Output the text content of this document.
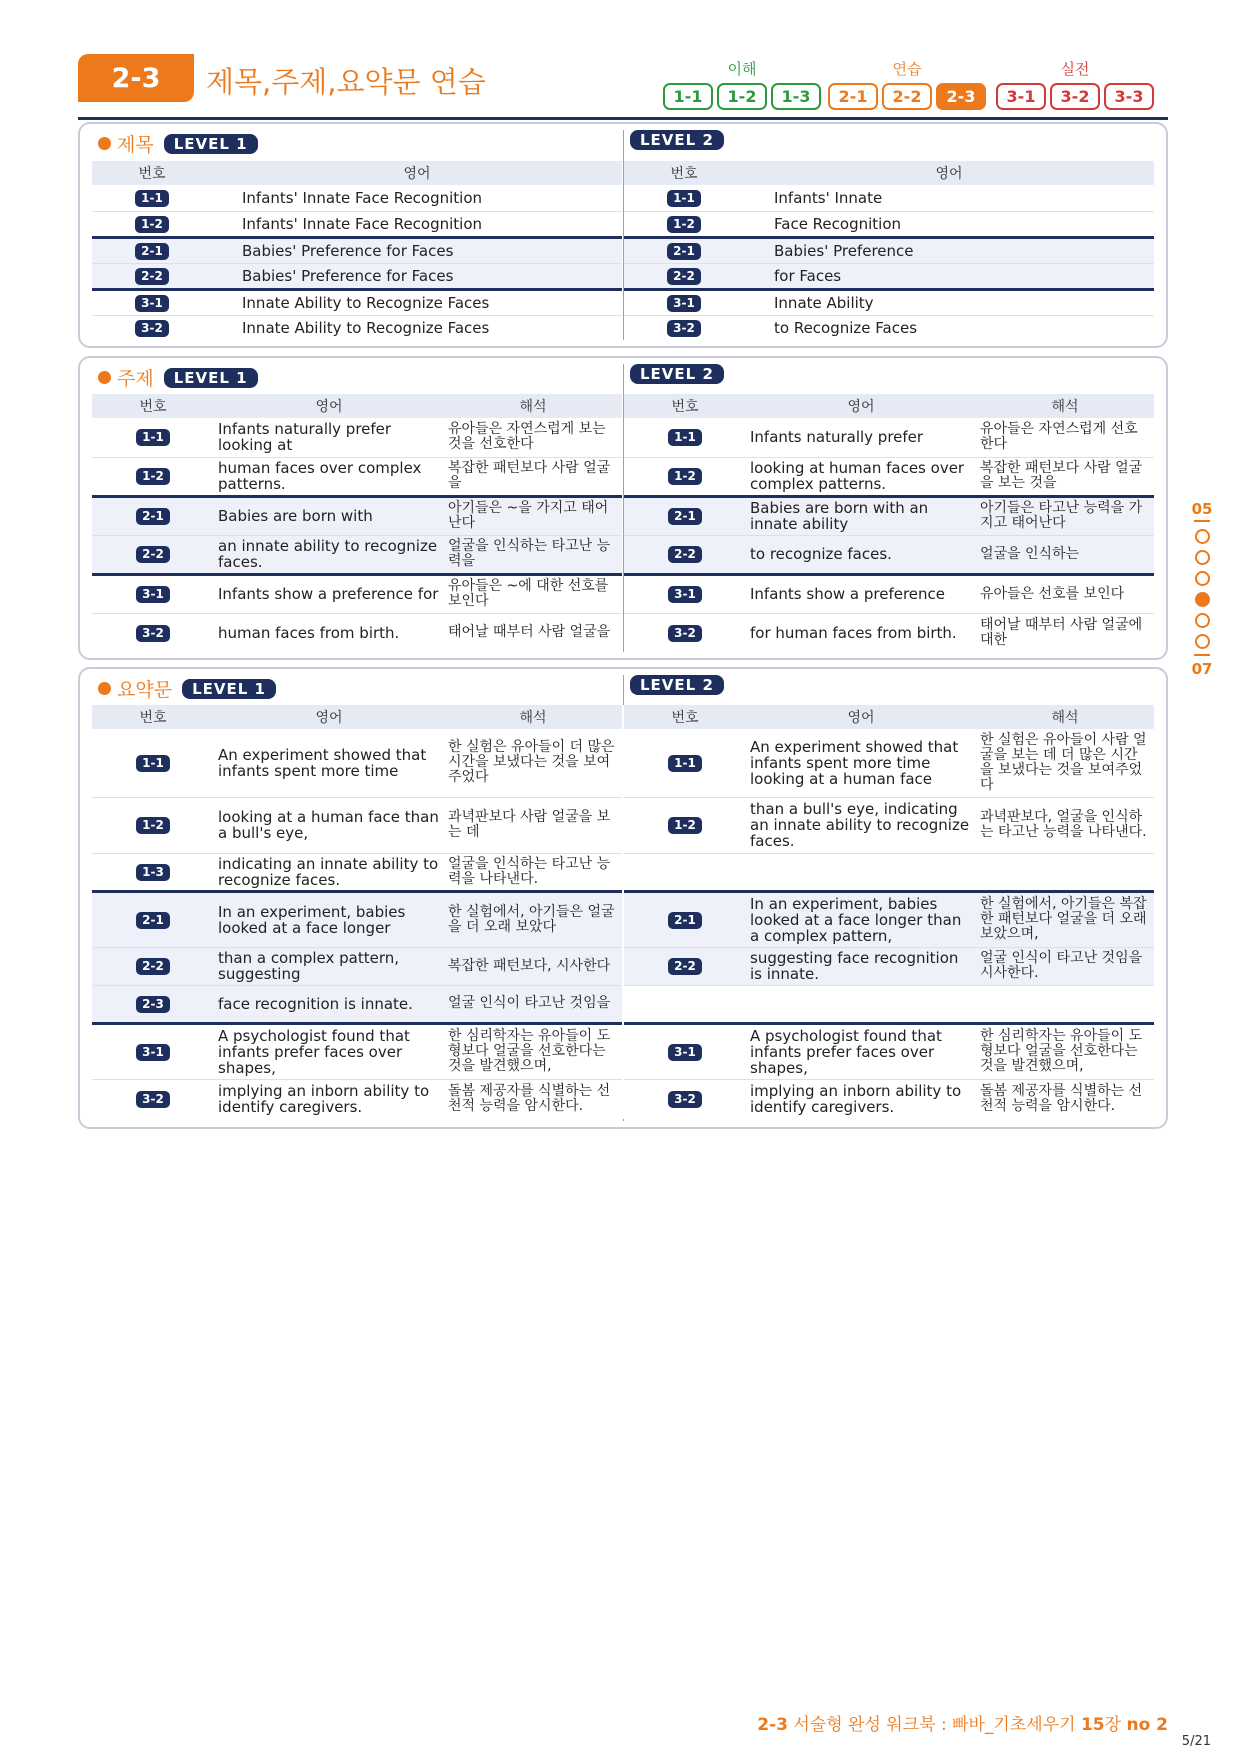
2-3	제목,주제,요약문 연습	이해
1-1	1-2	1-3
연습
2-1	2-2	2-3
실전
3-1	3-2	3-3
제목	LEVEL 1	LEVEL 2
번호	영어
1-1	Infants' Innate Face Recognition
1-2	Infants' Innate Face Recognition
2-1	Babies' Preference for Faces
2-2	Babies' Preference for Faces
3-1	Innate Ability to Recognize Faces
3-2	Innate Ability to Recognize Faces
번호	영어
1-1	Infants' Innate
1-2	Face Recognition
2-1	Babies' Preference
2-2	for Faces
3-1	Innate Ability
3-2	to Recognize Faces
주제	LEVEL 1	LEVEL 2
번호	영어	해석
1-1	Infants naturally prefer looking at	유아들은 자연스럽게 보는 것을 선호한다
1-2	human faces over complex patterns.	복잡한 패턴보다 사람 얼굴을
2-1	Babies are born with	아기들은 ~을 가지고 태어난다
2-2	an innate ability to recognize faces.	얼굴을 인식하는 타고난 능력을
3-1	Infants show a preference for	유아들은 ~에 대한 선호를 보인다
3-2	human faces from birth.	태어날 때부터 사람 얼굴을
번호	영어	해석
1-1	Infants naturally prefer	유아들은 자연스럽게 선호한다
1-2	looking at human faces over complex patterns.	복잡한 패턴보다 사람 얼굴을 보는 것을
2-1	Babies are born with an innate ability	아기들은 타고난 능력을 가지고 태어난다
2-2	to recognize faces.	얼굴을 인식하는
3-1	Infants show a preference	유아들은 선호를 보인다
3-2	for human faces from birth.	태어날 때부터 사람 얼굴에 대한
요약문	LEVEL 1	LEVEL 2
번호	영어	해석		번호	영어	해석
1-1	An experiment showed that infants spent more time	한 실험은 유아들이 더 많은 시간을 보냈다는 것을 보여주었다		1-1	An experiment showed that infants spent more time looking at a human face	한 실험은 유아들이 사람 얼굴을 보는 데 더 많은 시간을 보냈다는 것을 보여주었다
1-2	looking at a human face than a bull's eye,	과녁판보다 사람 얼굴을 보는 데		1-2	than a bull's eye, indicating an innate ability to recognize faces.	과녁판보다, 얼굴을 인식하는 타고난 능력을 나타낸다.
1-3	indicating an innate ability to recognize faces.	얼굴을 인식하는 타고난 능력을 나타낸다.				
2-1	In an experiment, babies looked at a face longer	한 실험에서, 아기들은 얼굴을 더 오래 보았다		2-1	In an experiment, babies looked at a face longer than a complex pattern,	한 실험에서, 아기들은 복잡한 패턴보다 얼굴을 더 오래 보았으며,
2-2	than a complex pattern, suggesting	복잡한 패턴보다, 시사한다		2-2	suggesting face recognition is innate.	얼굴 인식이 타고난 것임을 시사한다.
2-3	face recognition is innate.	얼굴 인식이 타고난 것임을				
3-1	A psychologist found that infants prefer faces over shapes,	한 심리학자는 유아들이 도형보다 얼굴을 선호한다는 것을 발견했으며,		3-1	A psychologist found that infants prefer faces over shapes,	한 심리학자는 유아들이 도형보다 얼굴을 선호한다는 것을 발견했으며,
3-2	implying an inborn ability to identify caregivers.	돌봄 제공자를 식별하는 선천적 능력을 암시한다.		3-2	implying an inborn ability to identify caregivers.	돌봄 제공자를 식별하는 선천적 능력을 암시한다.
05
07
2-3 서술형 완성 워크북 : 빠바_기초세우기 15장 no 2
5/21
